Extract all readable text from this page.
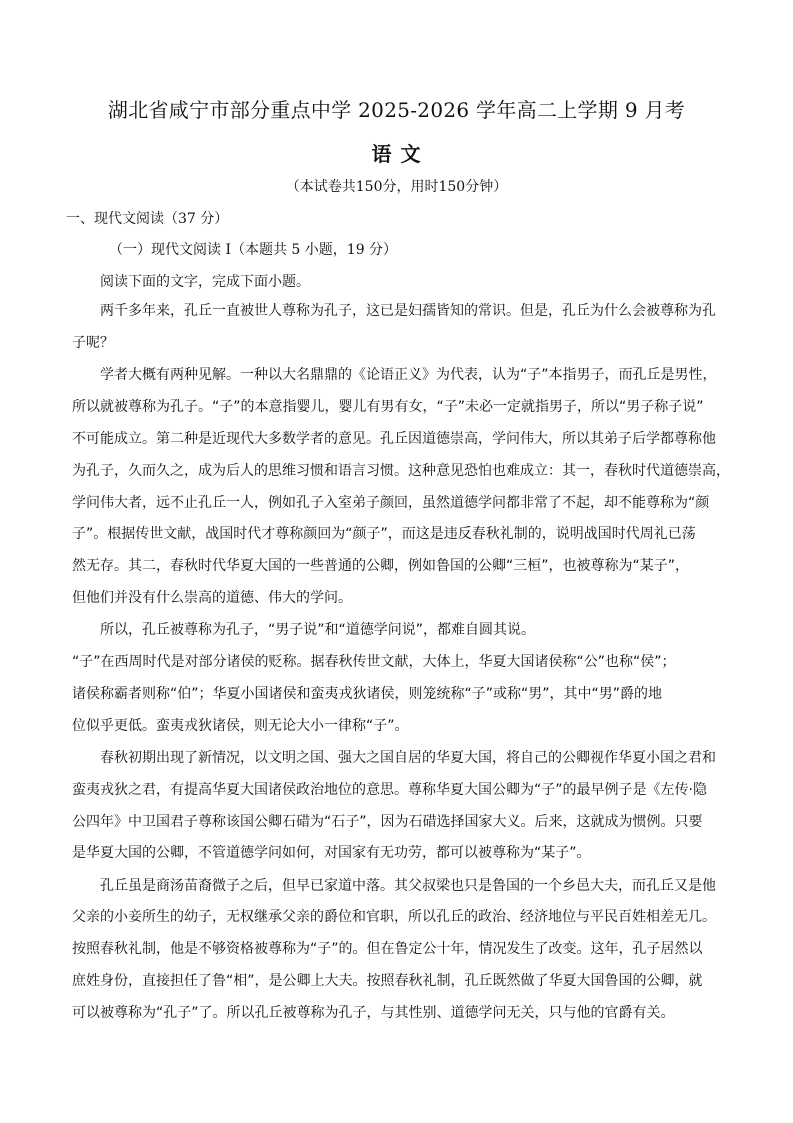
湖北省咸宁市部分重点中学 2025-2026 学年高二上学期 9 月考
语 文
（本试卷共150分，用时150分钟）
一、现代文阅读（37 分）
（一）现代文阅读 I（本题共 5 小题，19 分）
阅读下面的文字，完成下面小题。
两千多年来，孔丘一直被世人尊称为孔子，这已是妇孺皆知的常识。但是，孔丘为什么会被尊称为孔
子呢？
学者大概有两种见解。一种以大名鼎鼎的《论语正义》为代表，认为“子”本指男子，而孔丘是男性，
所以就被尊称为孔子。“子”的本意指婴儿，婴儿有男有女，“子”未必一定就指男子，所以“男子称子说”
不可能成立。第二种是近现代大多数学者的意见。孔丘因道德崇高，学问伟大，所以其弟子后学都尊称他
为孔子，久而久之，成为后人的思维习惯和语言习惯。这种意见恐怕也难成立：其一，春秋时代道德崇高，
学问伟大者，远不止孔丘一人，例如孔子入室弟子颜回，虽然道德学问都非常了不起，却不能尊称为“颜
子”。根据传世文献，战国时代才尊称颜回为“颜子”，而这是违反春秋礼制的，说明战国时代周礼已荡
然无存。其二，春秋时代华夏大国的一些普通的公卿，例如鲁国的公卿“三桓”，也被尊称为“某子”，
但他们并没有什么崇高的道德、伟大的学问。
所以，孔丘被尊称为孔子，“男子说”和“道德学问说”，都难自圆其说。
“子”在西周时代是对部分诸侯的贬称。据春秋传世文献，大体上，华夏大国诸侯称“公”也称“侯”；
诸侯称霸者则称“伯”；华夏小国诸侯和蛮夷戎狄诸侯，则笼统称“子”或称“男”，其中“男”爵的地
位似乎更低。蛮夷戎狄诸侯，则无论大小一律称“子”。
春秋初期出现了新情况，以文明之国、强大之国自居的华夏大国，将自己的公卿视作华夏小国之君和
蛮夷戎狄之君，有提高华夏大国诸侯政治地位的意思。尊称华夏大国公卿为“子”的最早例子是《左传·隐
公四年》中卫国君子尊称该国公卿石碏为“石子”，因为石碏选择国家大义。后来，这就成为惯例。只要
是华夏大国的公卿，不管道德学问如何，对国家有无功劳，都可以被尊称为“某子”。
孔丘虽是商汤苗裔微子之后，但早已家道中落。其父叔梁也只是鲁国的一个乡邑大夫，而孔丘又是他
父亲的小妾所生的幼子，无权继承父亲的爵位和官职，所以孔丘的政治、经济地位与平民百姓相差无几。
按照春秋礼制，他是不够资格被尊称为“子”的。但在鲁定公十年，情况发生了改变。这年，孔子居然以
庶姓身份，直接担任了鲁“相”，是公卿上大夫。按照春秋礼制，孔丘既然做了华夏大国鲁国的公卿，就
可以被尊称为“孔子”了。所以孔丘被尊称为孔子，与其性别、道德学问无关，只与他的官爵有关。
